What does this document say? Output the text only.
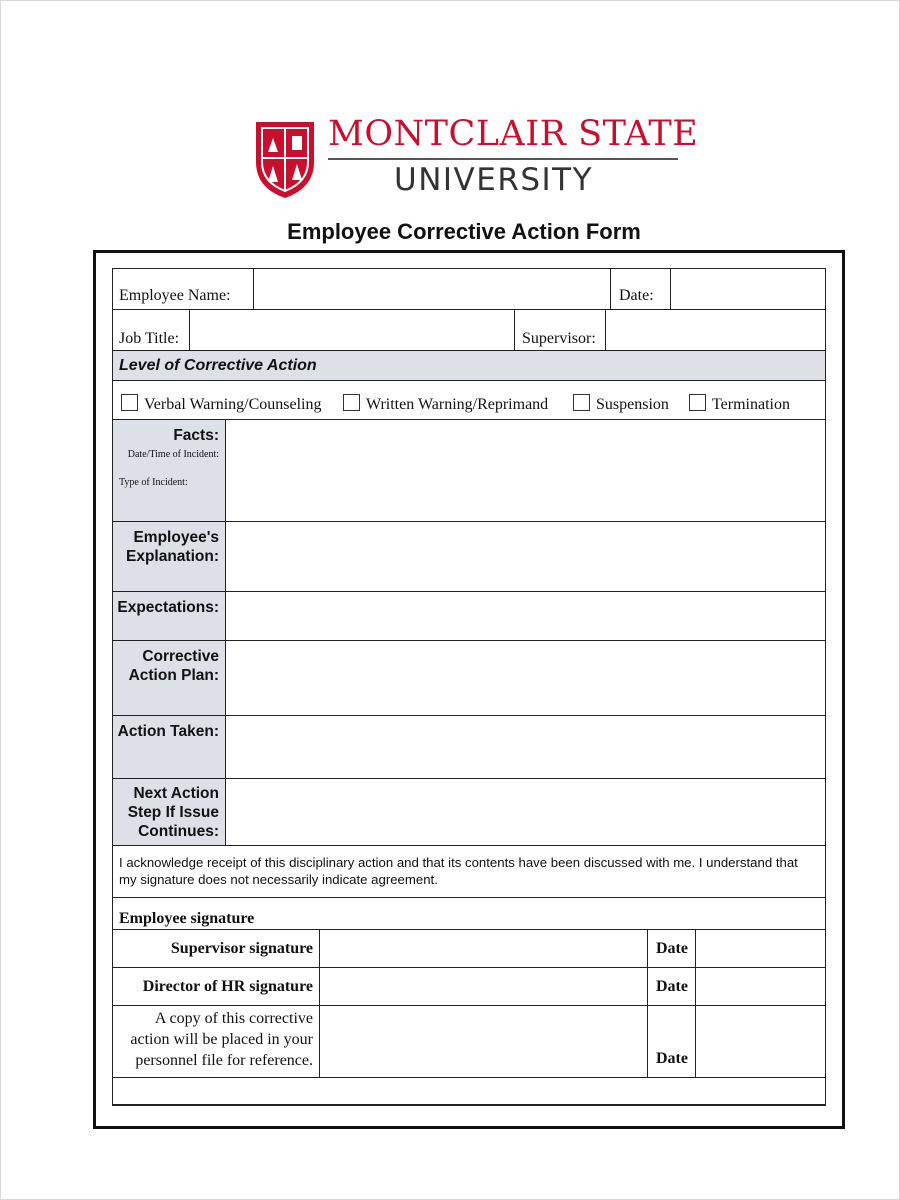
MONTCLAIR STATE
UNIVERSITY
Employee Corrective Action Form
Employee Name:	Date:
Job Title:	Supervisor:
Level of Corrective Action
Verbal Warning/Counseling	Written Warning/Reprimand	Suspension	Termination
Facts:
Date/Time of Incident:
Type of Incident:
Employee's
Explanation:
Expectations:
Corrective
Action Plan:
Action Taken:
Next Action
Step If Issue
Continues:
I acknowledge receipt of this disciplinary action and that its contents have been discussed with me. I understand that
my signature does not necessarily indicate agreement.
Employee signature
Supervisor signature	Date
Director of HR signature	Date
A copy of this corrective
action will be placed in your
personnel file for reference.	Date
